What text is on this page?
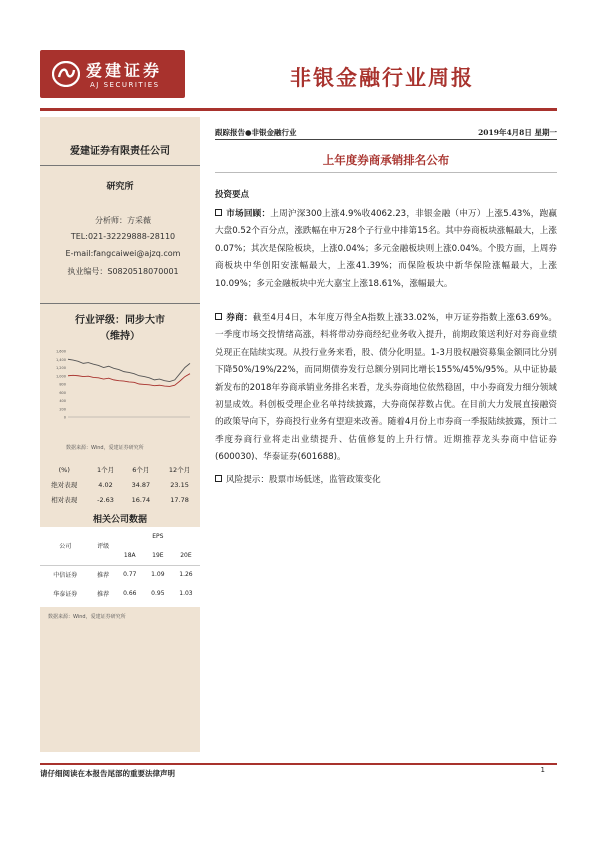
爱建证券
AJ SECURITIES	非银金融行业周报
爱建证券有限责任公司
研究所
分析师：方采薇
TEL:021-32229888-28110
E-mail:fangcaiwei@ajzq.com
执业编号：S0820518070001
行业评级：同步大市
（维持）
1,600
1,400
1,200
1,000
800
600
400
200
0
数据来源：Wind，爱建证券研究所
(%)	1个月	6个月	12个月
绝对表现	4.02	34.87	23.15
相对表现	-2.63	16.74	17.78
相关公司数据
公司	评级	EPS		
		18A	19E	20E
中信证券	推荐	0.77	1.09	1.26
华泰证券	推荐	0.66	0.95	1.03
数据来源：Wind，爱建证券研究所
跟踪报告●非银金融行业	2019年4月8日 星期一
上年度券商承销排名公布
投资要点
市场回顾：上周沪深300上涨4.9%收4062.23，非银金融（申万）上涨5.43%，跑赢大盘0.52个百分点，涨跌幅在申万28个子行业中排第15名。其中券商板块涨幅最大，上涨0.07%；其次是保险板块，上涨0.04%；多元金融板块则上涨0.04%。个股方面，上周券商板块中华创阳安涨幅最大，上涨41.39%；而保险板块中新华保险涨幅最大，上涨10.09%；多元金融板块中光大嘉宝上涨18.61%，涨幅最大。
券商：截至4月4日，本年度万得全A指数上涨33.02%，申万证券指数上涨63.69%。一季度市场交投情绪高涨，料将带动券商经纪业务收入提升，前期政策送利好对券商业绩兑现正在陆续实现。从投行业务来看，股、债分化明显。1-3月股权融资募集金额同比分别下降50%/19%/22%，而同期债券发行总额分别同比增长155%/45%/95%。从中证协最新发布的2018年券商承销业务排名来看，龙头券商地位依然稳固，中小券商发力细分领域初显成效。科创板受理企业名单持续披露，大券商保荐数占优。在目前大力发展直接融资的政策导向下，券商投行业务有望迎来改善。随着4月份上市券商一季报陆续披露，预计二季度券商行业将走出业绩提升、估值修复的上升行情。近期推荐龙头券商中信证券(600030)、华泰证券(601688)。
风险提示：股票市场低迷，监管政策变化
请仔细阅读在本报告尾部的重要法律声明	1
